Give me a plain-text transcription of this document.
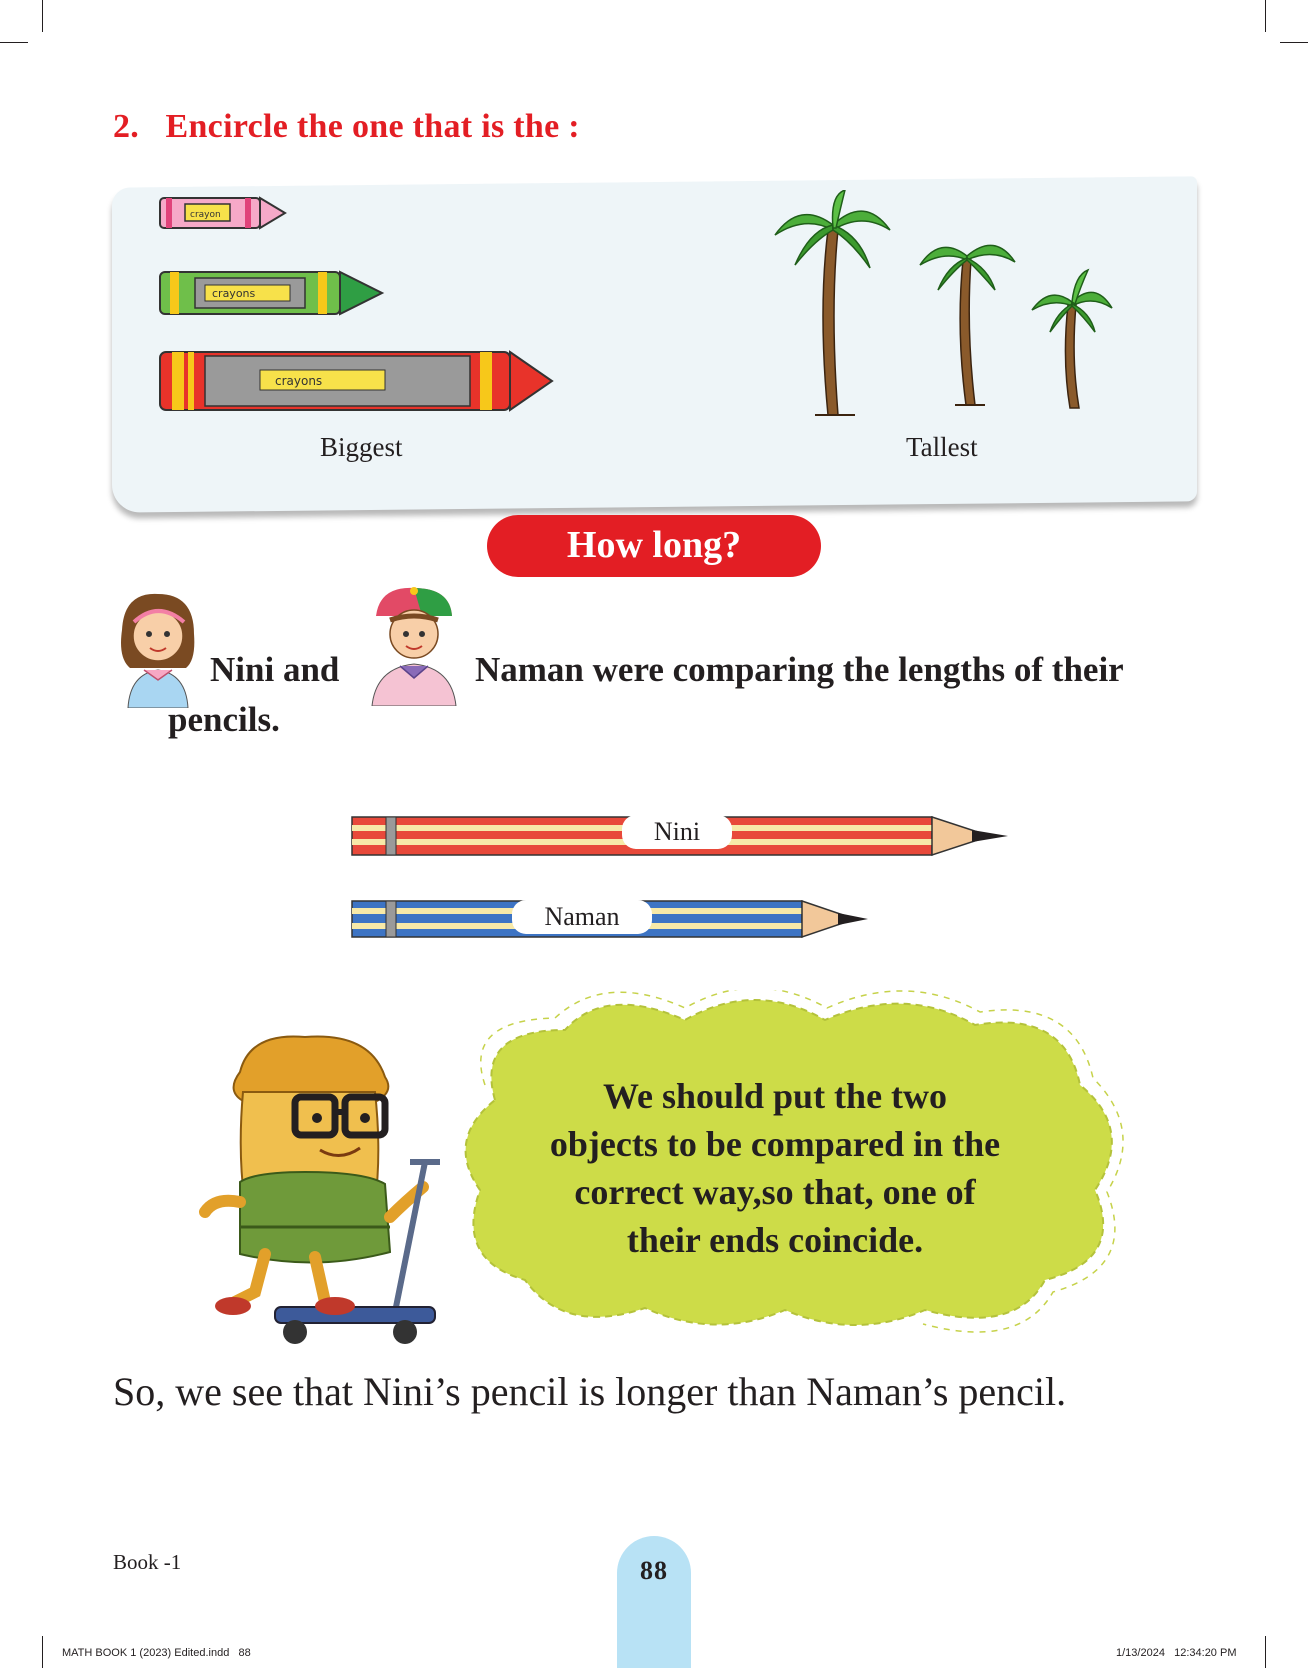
2.   Encircle the one that is the :
crayon
crayons
crayons
Biggest	Tallest
How long?
Nini and	Naman were comparing the lengths of their
pencils.
Nini
Naman
We should put the two
objects to be compared in the
correct way,so that, one of
their ends coincide.
So, we see that Nini’s pencil is longer than Naman’s pencil.
Book -1	88
MATH BOOK 1 (2023) Edited.indd   88	1/13/2024   12:34:20 PM
